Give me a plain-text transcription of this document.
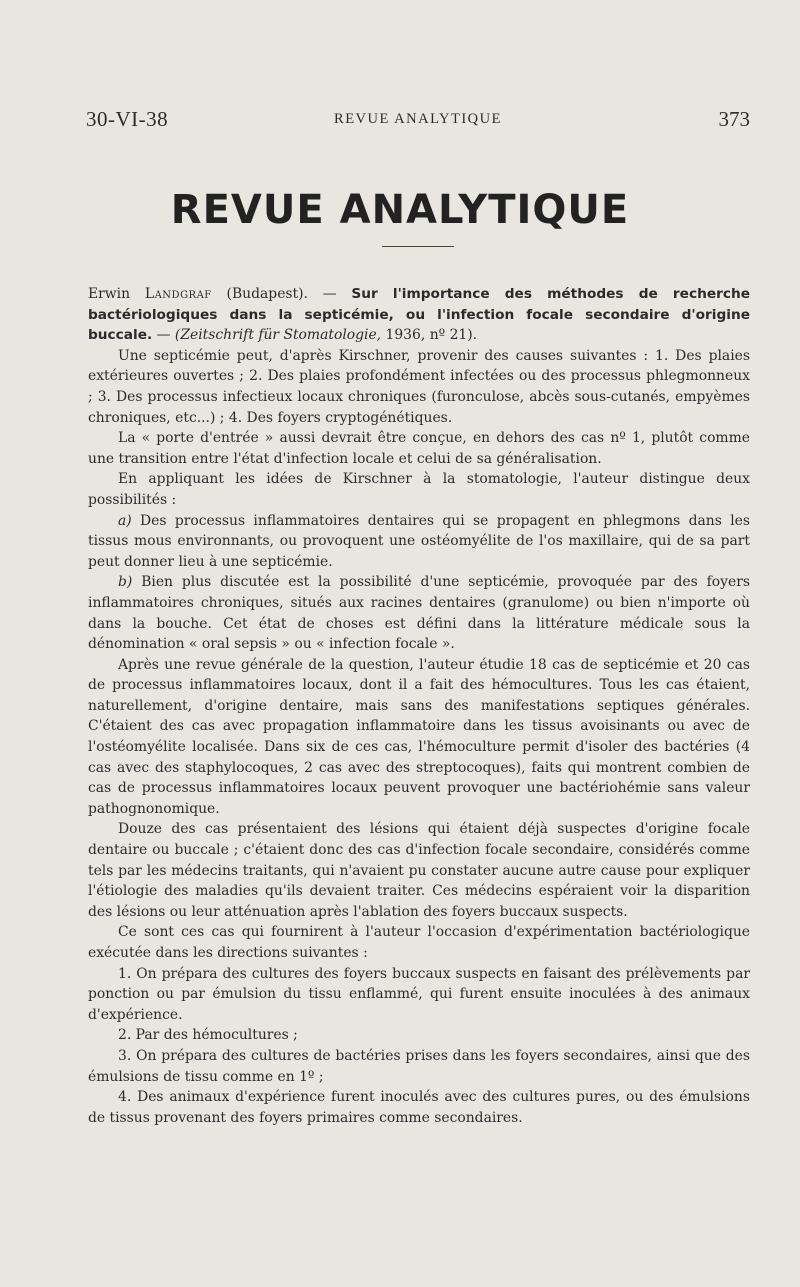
30-VI-38	REVUE ANALYTIQUE	373
REVUE ANALYTIQUE

Erwin Landgraf (Budapest). — Sur l'importance des méthodes de recherche bactériologiques dans la septicémie, ou l'infection focale secondaire d'origine buccale. — (Zeitschrift für Stomatologie, 1936, nº 21).

Une septicémie peut, d'après Kirschner, provenir des causes suivantes : 1. Des plaies extérieures ouvertes ; 2. Des plaies profondément infectées ou des processus phlegmonneux ; 3. Des processus infectieux locaux chroniques (furonculose, abcès sous-cutanés, empyèmes chroniques, etc...) ; 4. Des foyers cryptogénétiques.

La « porte d'entrée » aussi devrait être conçue, en dehors des cas nº 1, plutôt comme une transition entre l'état d'infection locale et celui de sa généralisation.

En appliquant les idées de Kirschner à la stomatologie, l'auteur distingue deux possibilités :

a) Des processus inflammatoires dentaires qui se propagent en phlegmons dans les tissus mous environnants, ou provoquent une ostéomyélite de l'os maxillaire, qui de sa part peut donner lieu à une septicémie.

b) Bien plus discutée est la possibilité d'une septicémie, provoquée par des foyers inflammatoires chroniques, situés aux racines dentaires (granulome) ou bien n'importe où dans la bouche. Cet état de choses est défini dans la littérature médicale sous la dénomination « oral sepsis » ou « infection focale ».

Après une revue générale de la question, l'auteur étudie 18 cas de septicémie et 20 cas de processus inflammatoires locaux, dont il a fait des hémocultures. Tous les cas étaient, naturellement, d'origine dentaire, mais sans des manifestations septiques générales. C'étaient des cas avec propagation inflammatoire dans les tissus avoisinants ou avec de l'ostéomyélite localisée. Dans six de ces cas, l'hémoculture permit d'isoler des bactéries (4 cas avec des staphylocoques, 2 cas avec des streptocoques), faits qui montrent combien de cas de processus inflammatoires locaux peuvent provoquer une bactériohémie sans valeur pathognonomique.

Douze des cas présentaient des lésions qui étaient déjà suspectes d'origine focale dentaire ou buccale ; c'étaient donc des cas d'infection focale secondaire, considérés comme tels par les médecins traitants, qui n'avaient pu constater aucune autre cause pour expliquer l'étiologie des maladies qu'ils devaient traiter. Ces médecins espéraient voir la disparition des lésions ou leur atténuation après l'ablation des foyers buccaux suspects.

Ce sont ces cas qui fournirent à l'auteur l'occasion d'expérimentation bactériologique exécutée dans les directions suivantes :

1. On prépara des cultures des foyers buccaux suspects en faisant des prélèvements par ponction ou par émulsion du tissu enflammé, qui furent ensuite inoculées à des animaux d'expérience.

2. Par des hémocultures ;

3. On prépara des cultures de bactéries prises dans les foyers secondaires, ainsi que des émulsions de tissu comme en 1º ;

4. Des animaux d'expérience furent inoculés avec des cultures pures, ou des émulsions de tissus provenant des foyers primaires comme secondaires.
